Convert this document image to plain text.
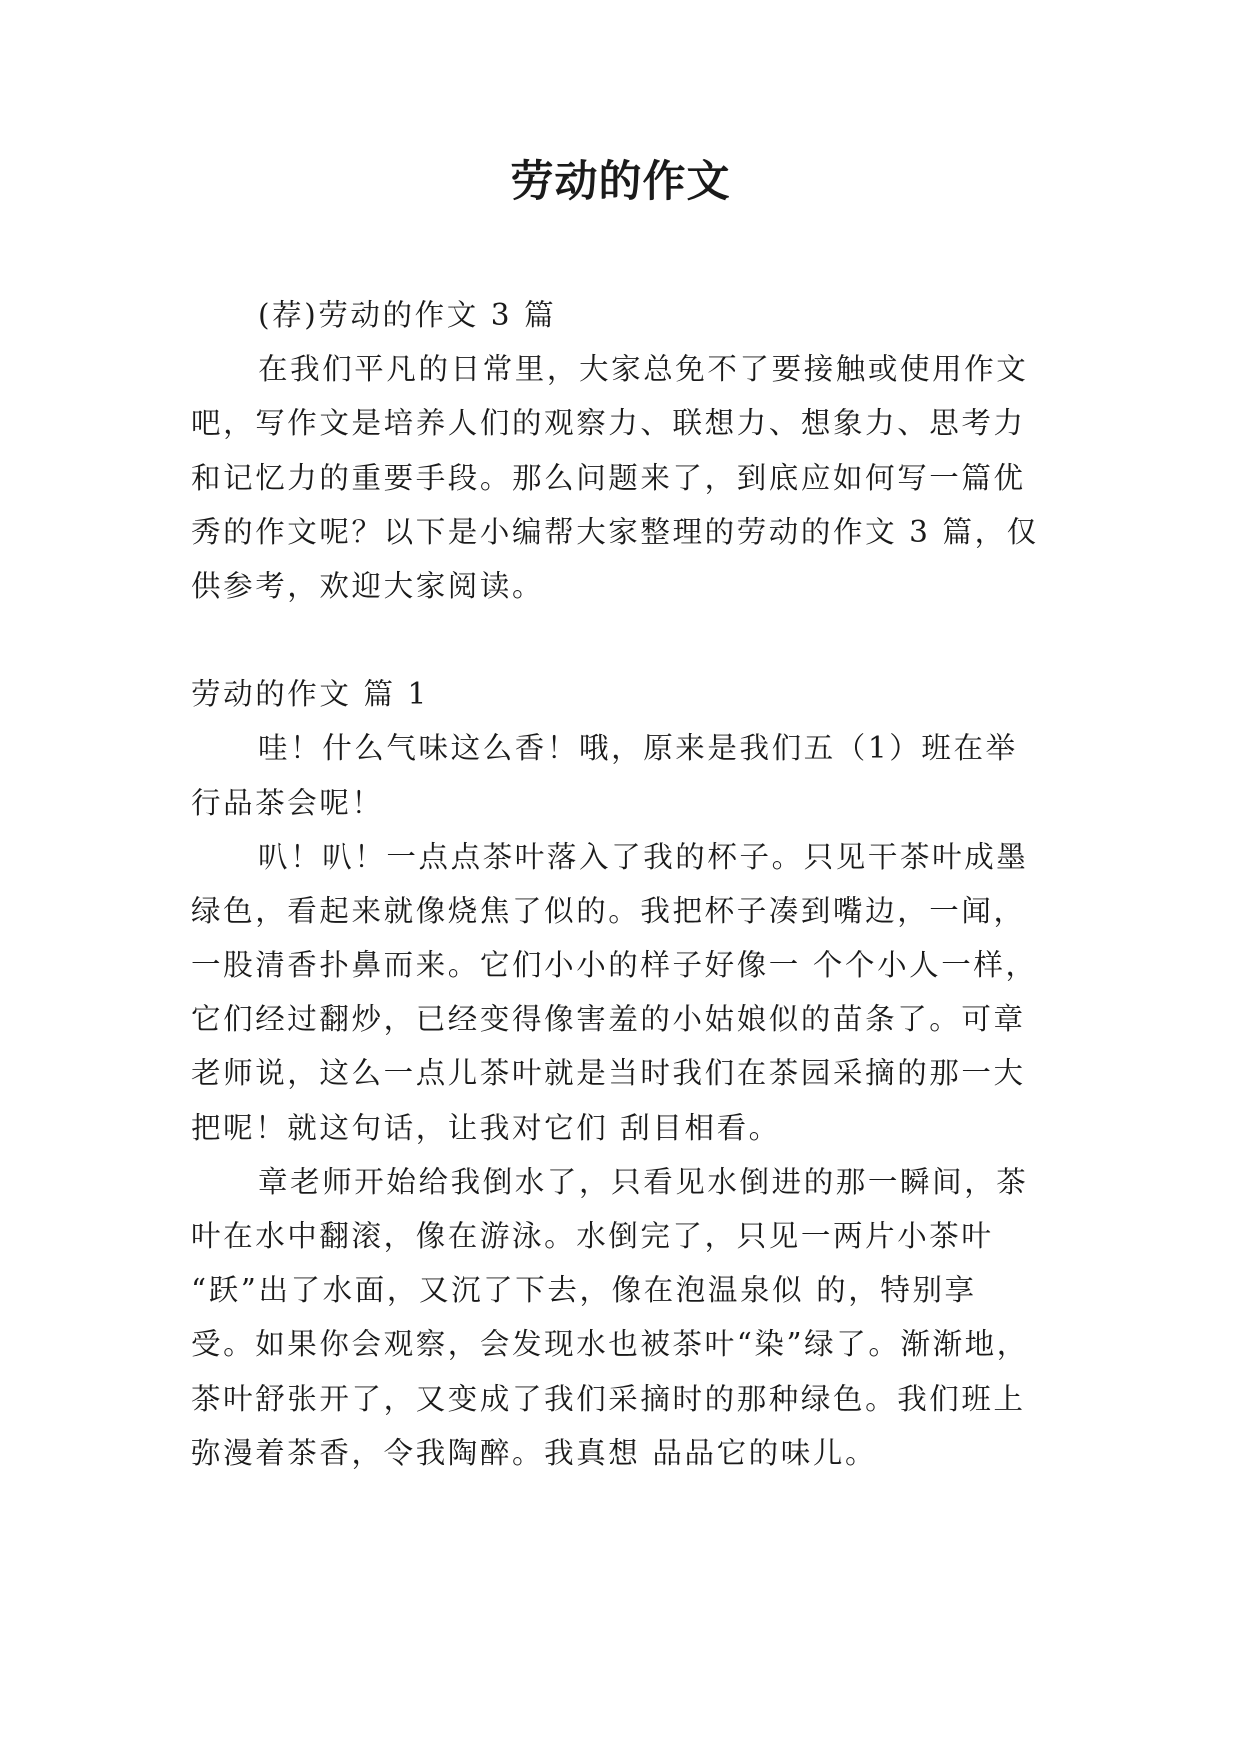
劳动的作文

(荐)劳动的作文 3 篇

在我们平凡的日常里，大家总免不了要接触或使用作文

吧，写作文是培养人们的观察力、联想力、想象力、思考力

和记忆力的重要手段。那么问题来了，到底应如何写一篇优

秀的作文呢？以下是小编帮大家整理的劳动的作文 3 篇，仅

供参考，欢迎大家阅读。

劳动的作文 篇 1

哇！什么气味这么香！哦，原来是我们五（1）班在举

行品茶会呢！

叭！叭！一点点茶叶落入了我的杯子。只见干茶叶成墨

绿色，看起来就像烧焦了似的。我把杯子凑到嘴边，一闻，

一股清香扑鼻而来。它们小小的样子好像一 个个小人一样，

它们经过翻炒，已经变得像害羞的小姑娘似的苗条了。可章

老师说，这么一点儿茶叶就是当时我们在茶园采摘的那一大

把呢！就这句话，让我对它们 刮目相看。

章老师开始给我倒水了，只看见水倒进的那一瞬间，茶

叶在水中翻滚，像在游泳。水倒完了，只见一两片小茶叶

“跃”出了水面，又沉了下去，像在泡温泉似 的，特别享

受。如果你会观察，会发现水也被茶叶“染”绿了。渐渐地，

茶叶舒张开了，又变成了我们采摘时的那种绿色。我们班上

弥漫着茶香，令我陶醉。我真想 品品它的味儿。
